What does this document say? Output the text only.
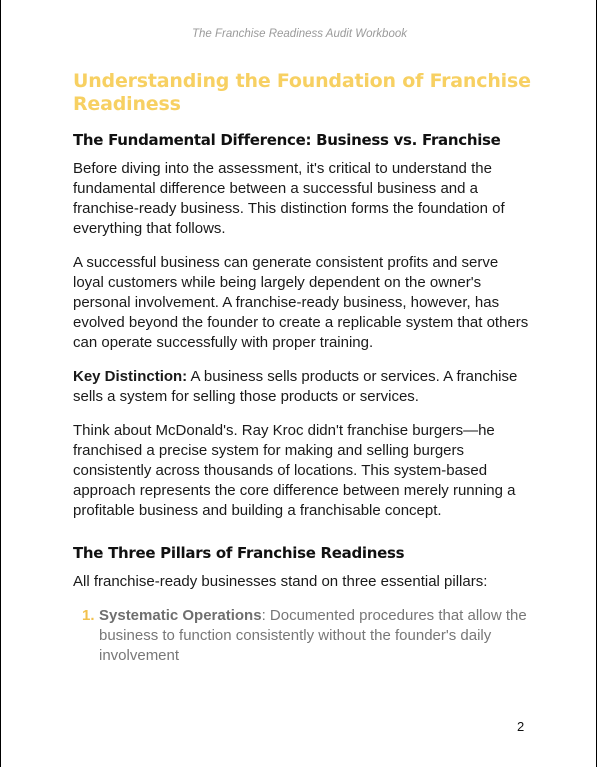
The Franchise Readiness Audit Workbook
Understanding the Foundation of Franchise Readiness
The Fundamental Difference: Business vs. Franchise

Before diving into the assessment, it's critical to understand the fundamental difference between a successful business and a franchise-ready business. This distinction forms the foundation of everything that follows.

A successful business can generate consistent profits and serve loyal customers while being largely dependent on the owner's personal involvement. A franchise-ready business, however, has evolved beyond the founder to create a replicable system that others can operate successfully with proper training.

Key Distinction: A business sells products or services. A franchise sells a system for selling those products or services.

Think about McDonald's. Ray Kroc didn't franchise burgers—he franchised a precise system for making and selling burgers consistently across thousands of locations. This system-based approach represents the core difference between merely running a profitable business and building a franchisable concept.

The Three Pillars of Franchise Readiness

All franchise-ready businesses stand on three essential pillars:

1. Systematic Operations: Documented procedures that allow the business to function consistently without the founder's daily involvement
2
